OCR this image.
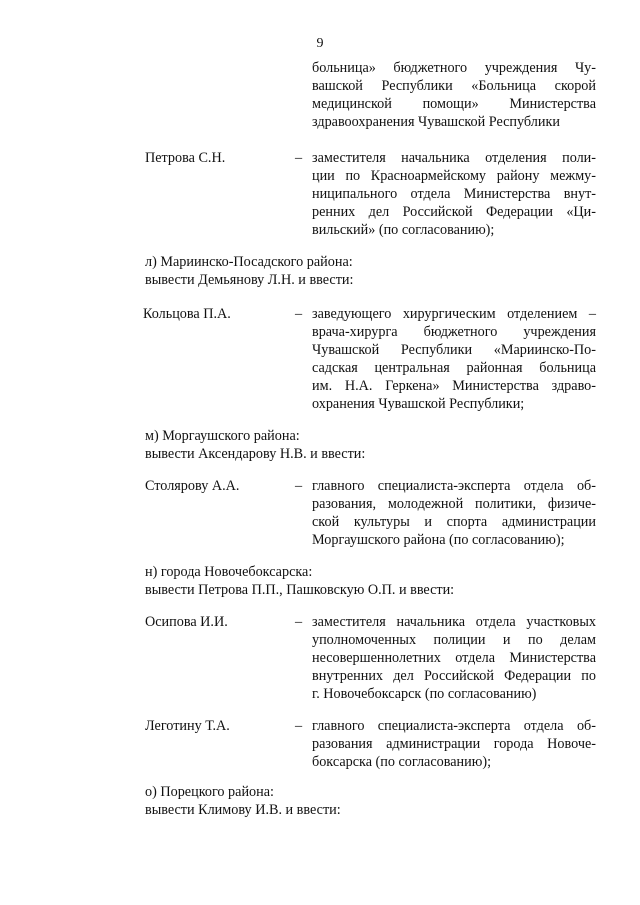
9
больница» бюджетного учреждения Чу-
вашской Республики «Больница скорой
медицинской помощи» Министерства
здравоохранения Чувашской Республики
Петрова С.Н.	– заместителя начальника отделения поли-
ции по Красноармейскому району межму-
ниципального отдела Министерства внут-
ренних дел Российской Федерации «Ци-
вильский» (по согласованию);
л) Мариинско-Посадского района:
вывести Демьянову Л.Н. и ввести:
Кольцова П.А.	– заведующего хирургическим отделением –
врача-хирурга бюджетного учреждения
Чувашской Республики «Мариинско-По-
садская центральная районная больница
им. Н.А. Геркена» Министерства здраво-
охранения Чувашской Республики;
м) Моргаушского района:
вывести Аксендарову Н.В. и ввести:
Столярову А.А.	– главного специалиста-эксперта отдела об-
разования, молодежной политики, физиче-
ской культуры и спорта администрации
Моргаушского района (по согласованию);
н) города Новочебоксарска:
вывести Петрова П.П., Пашковскую О.П. и ввести:
Осипова И.И.	– заместителя начальника отдела участковых
уполномоченных полиции и по делам
несовершеннолетних отдела Министерства
внутренних дел Российской Федерации по
г. Новочебоксарск (по согласованию)
Леготину Т.А.	– главного специалиста-эксперта отдела об-
разования администрации города Новоче-
боксарска (по согласованию);
о) Порецкого района:
вывести Климову И.В. и ввести:
